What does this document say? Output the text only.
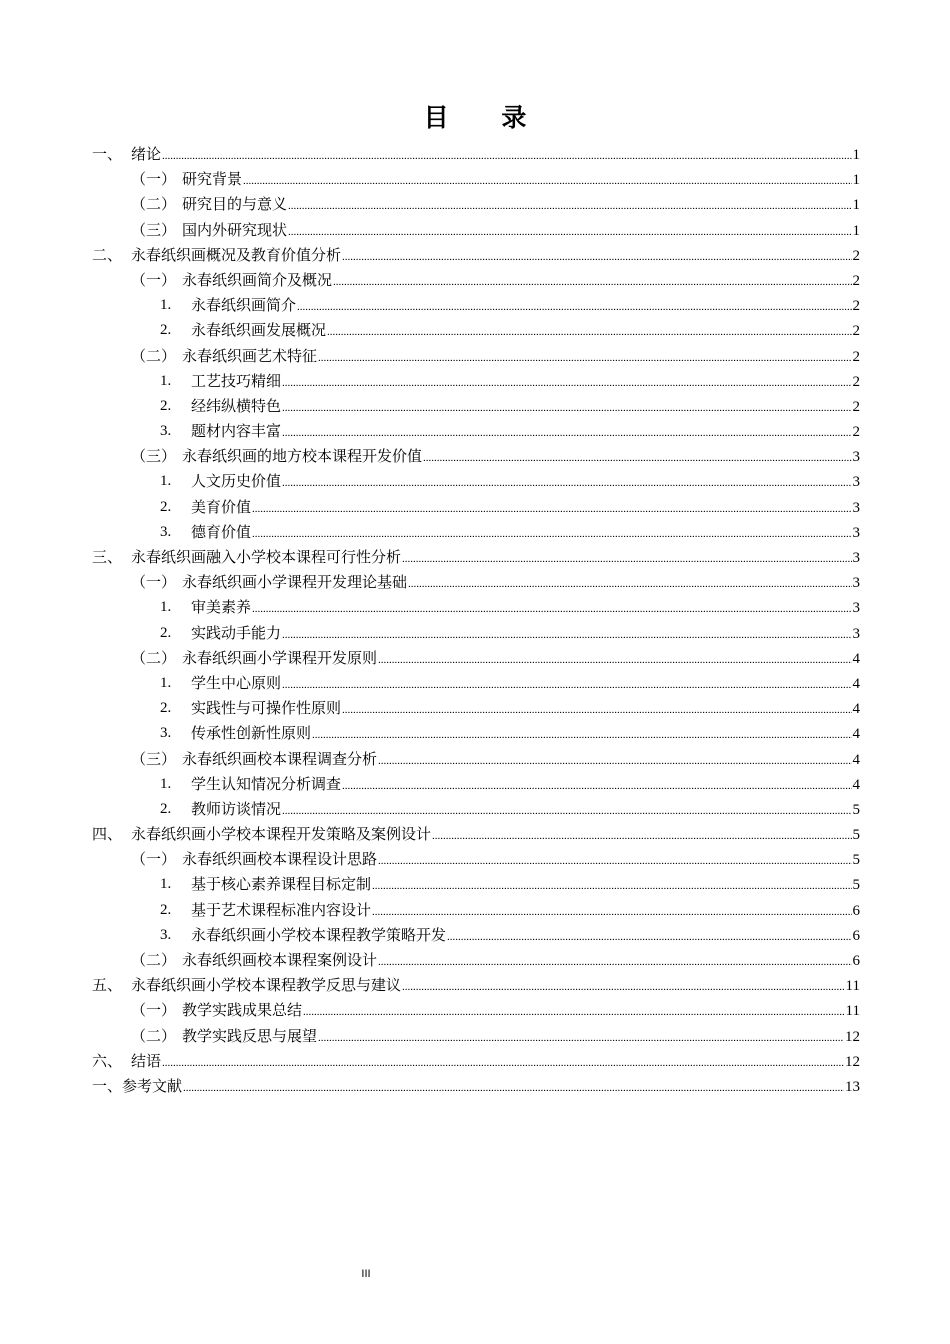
目 录
一、 绪论 .....	1
（一） 研究背景 .....	1
（二） 研究目的与意义 .....	1
（三） 国内外研究现状 .....	1
二、 永春纸织画概况及教育价值分析 .....	2
（一） 永春纸织画简介及概况 .....	2
1. 永春纸织画简介 .....	2
2. 永春纸织画发展概况 .....	2
（二） 永春纸织画艺术特征 .....	2
1. 工艺技巧精细 .....	2
2. 经纬纵横特色 .....	2
3. 题材内容丰富 .....	2
（三） 永春纸织画的地方校本课程开发价值 .....	3
1. 人文历史价值 .....	3
2. 美育价值 .....	3
3. 德育价值 .....	3
三、 永春纸织画融入小学校本课程可行性分析 .....	3
（一） 永春纸织画小学课程开发理论基础 .....	3
1. 审美素养 .....	3
2. 实践动手能力 .....	3
（二） 永春纸织画小学课程开发原则 .....	4
1. 学生中心原则 .....	4
2. 实践性与可操作性原则 .....	4
3. 传承性创新性原则 .....	4
（三） 永春纸织画校本课程调查分析 .....	4
1. 学生认知情况分析调查 .....	4
2. 教师访谈情况 .....	5
四、 永春纸织画小学校本课程开发策略及案例设计 .....	5
（一） 永春纸织画校本课程设计思路 .....	5
1. 基于核心素养课程目标定制 .....	5
2. 基于艺术课程标准内容设计 .....	6
3. 永春纸织画小学校本课程教学策略开发 .....	6
（二） 永春纸织画校本课程案例设计 .....	6
五、 永春纸织画小学校本课程教学反思与建议 .....	11
（一） 教学实践成果总结 .....	11
（二） 教学实践反思与展望 .....	12
六、 结语 .....	12
一、参考文献 .....	13
III
